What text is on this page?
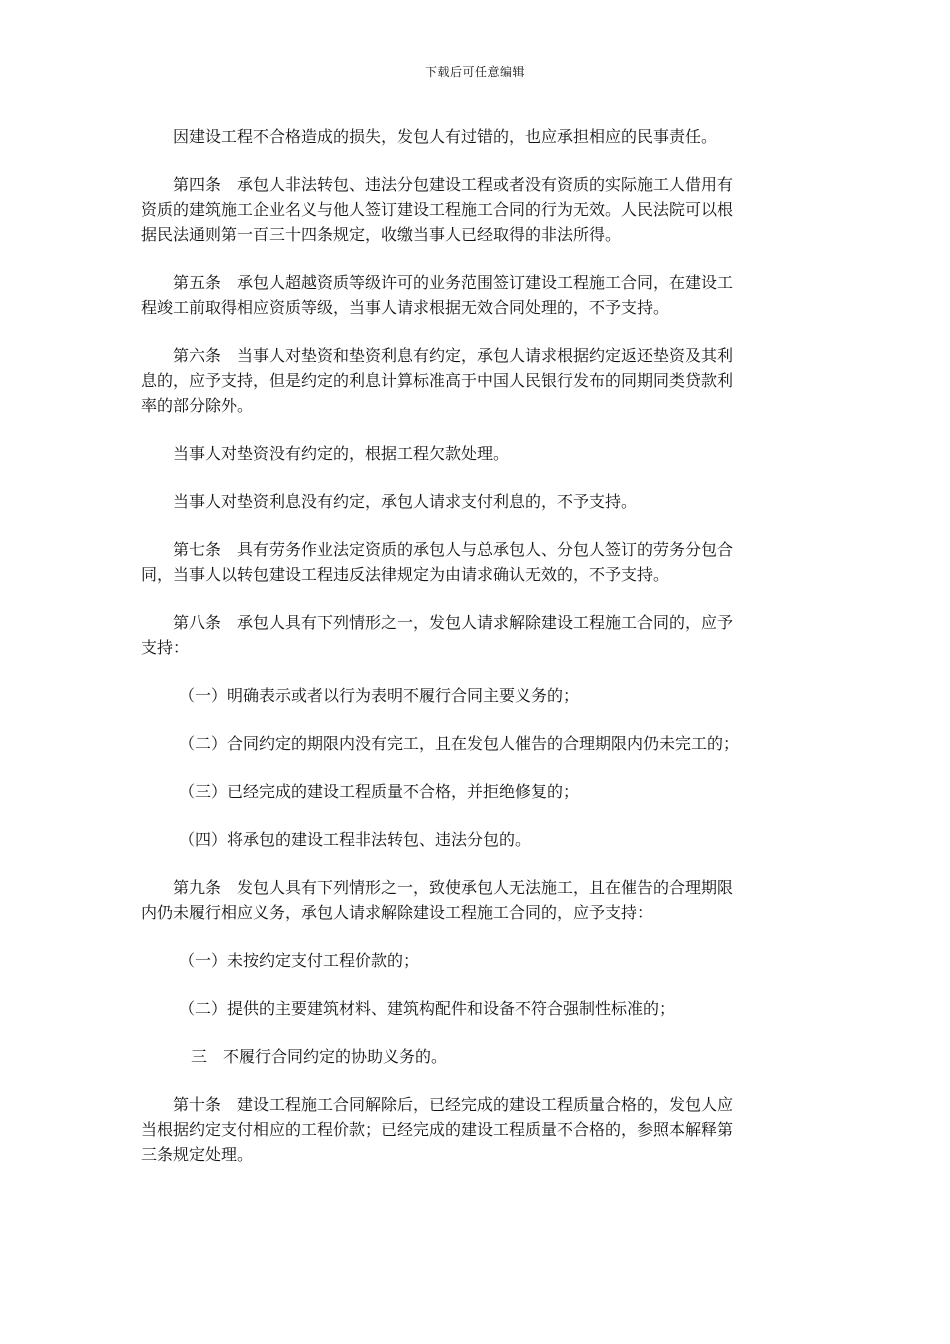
下载后可任意编辑

因建设工程不合格造成的损失，发包人有过错的，也应承担相应的民事责任。

第四条　承包人非法转包、违法分包建设工程或者没有资质的实际施工人借用有资质的建筑施工企业名义与他人签订建设工程施工合同的行为无效。人民法院可以根据民法通则第一百三十四条规定，收缴当事人已经取得的非法所得。

第五条　承包人超越资质等级许可的业务范围签订建设工程施工合同，在建设工程竣工前取得相应资质等级，当事人请求根据无效合同处理的，不予支持。

第六条　当事人对垫资和垫资利息有约定，承包人请求根据约定返还垫资及其利息的，应予支持，但是约定的利息计算标准高于中国人民银行发布的同期同类贷款利率的部分除外。

当事人对垫资没有约定的，根据工程欠款处理。

当事人对垫资利息没有约定，承包人请求支付利息的，不予支持。

第七条　具有劳务作业法定资质的承包人与总承包人、分包人签订的劳务分包合同，当事人以转包建设工程违反法律规定为由请求确认无效的，不予支持。

第八条　承包人具有下列情形之一，发包人请求解除建设工程施工合同的，应予支持：

（一）明确表示或者以行为表明不履行合同主要义务的；

（二）合同约定的期限内没有完工，且在发包人催告的合理期限内仍未完工的；

（三）已经完成的建设工程质量不合格，并拒绝修复的；

（四）将承包的建设工程非法转包、违法分包的。

第九条　发包人具有下列情形之一，致使承包人无法施工，且在催告的合理期限内仍未履行相应义务，承包人请求解除建设工程施工合同的，应予支持：

（一）未按约定支付工程价款的；

（二）提供的主要建筑材料、建筑构配件和设备不符合强制性标准的；

三　不履行合同约定的协助义务的。

第十条　建设工程施工合同解除后，已经完成的建设工程质量合格的，发包人应当根据约定支付相应的工程价款；已经完成的建设工程质量不合格的，参照本解释第三条规定处理。
